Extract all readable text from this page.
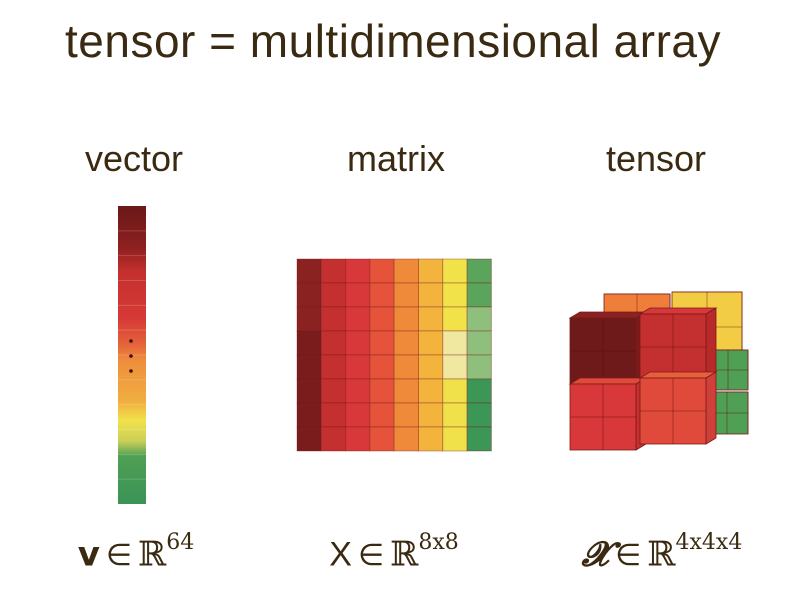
tensor = multidimensional array
vector	matrix	tensor
v ∈ ℝ$^{64}$	X ∈ ℝ$^{8x8}$	𝓧 ∈ ℝ$^{4x4x4}$
